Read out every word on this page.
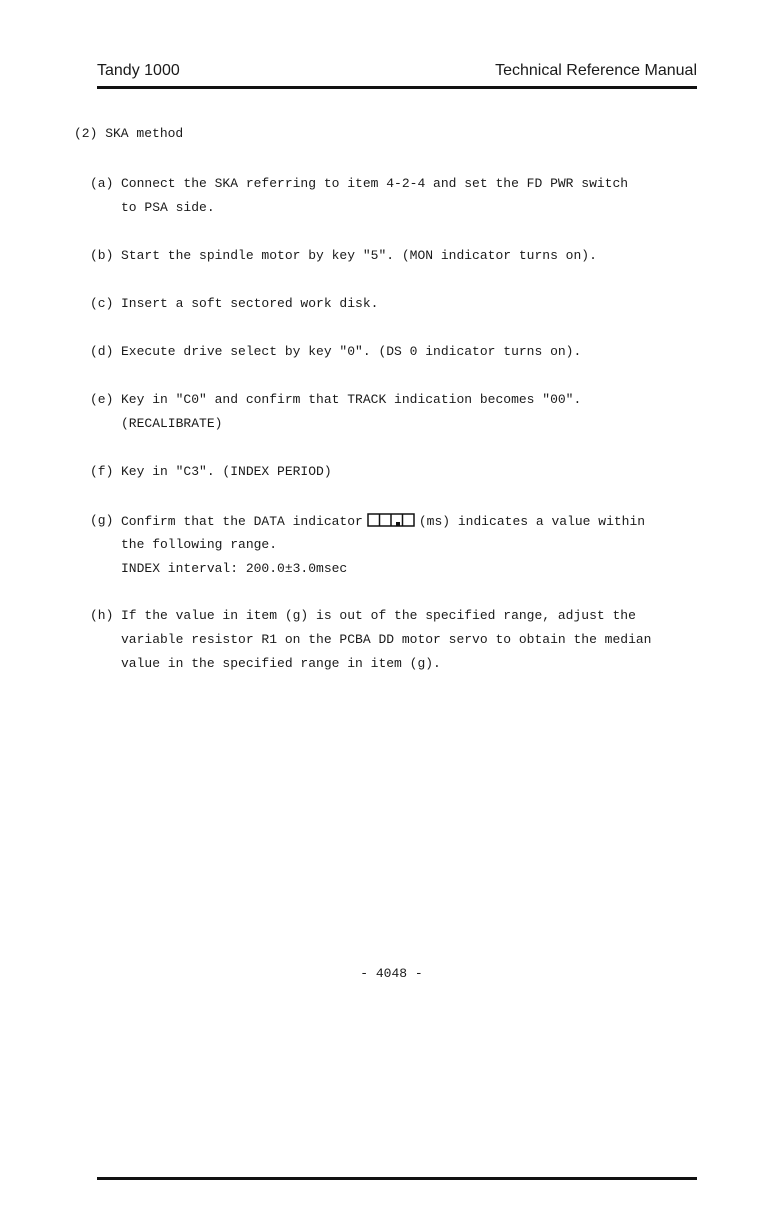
Tandy 1000	Technical Reference Manual
(2) SKA method
(a) Connect the SKA referring to item 4-2-4 and set the FD PWR switch
to PSA side.
(b) Start the spindle motor by key "5". (MON indicator turns on).
(c) Insert a soft sectored work disk.
(d) Execute drive select by key "0". (DS 0 indicator turns on).
(e) Key in "C0" and confirm that TRACK indication becomes "00".
(RECALIBRATE)
(f) Key in "C3". (INDEX PERIOD)
(g) Confirm that the DATA indicator	(ms) indicates a value within
the following range.
INDEX interval: 200.0±3.0msec
(h) If the value in item (g) is out of the specified range, adjust the
variable resistor R1 on the PCBA DD motor servo to obtain the median
value in the specified range in item (g).
- 4048 -
